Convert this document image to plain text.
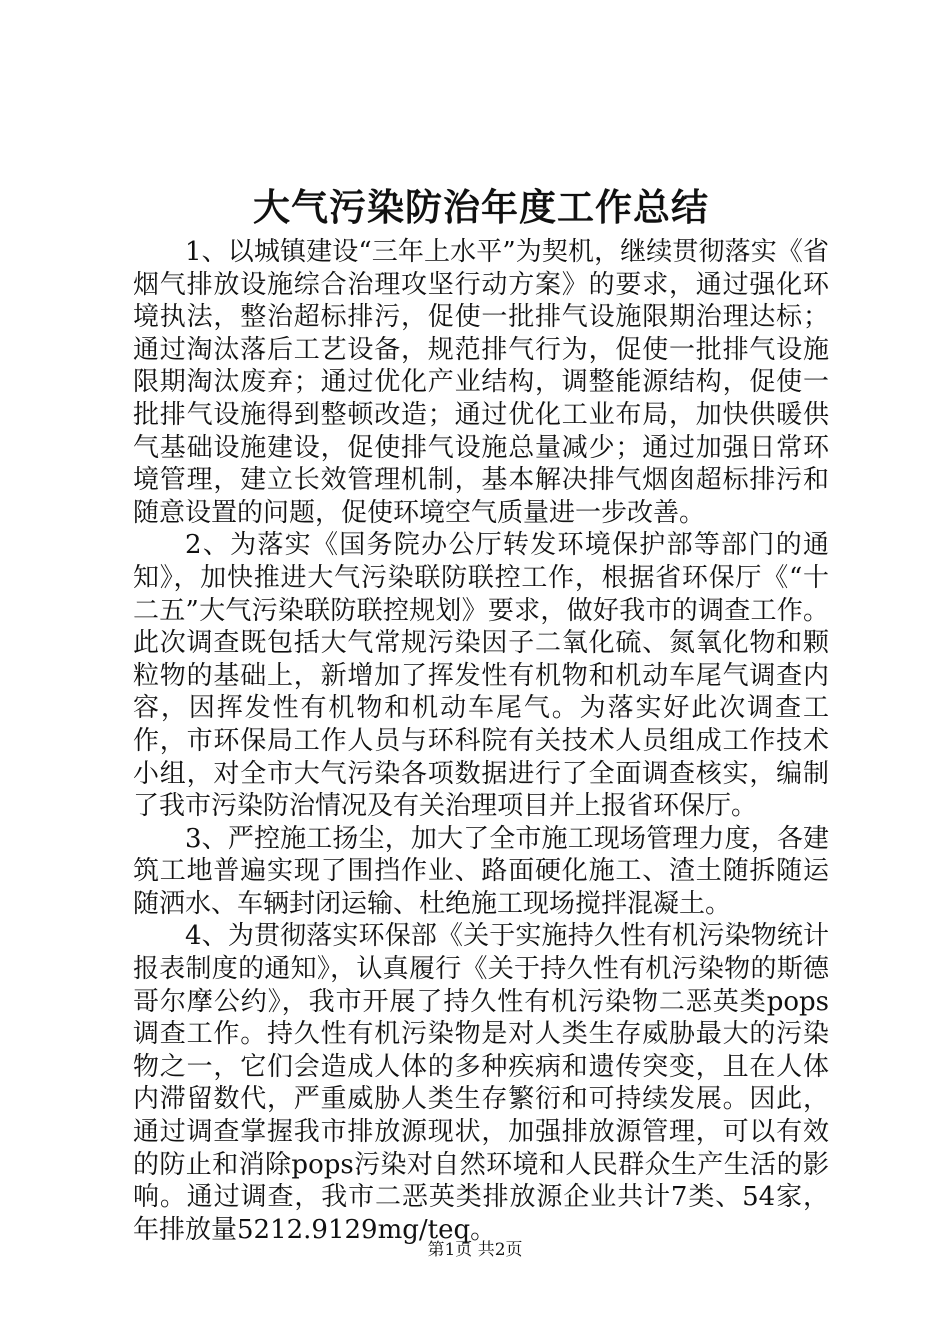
大气污染防治年度工作总结

1、以城镇建设“三年上水平”为契机，继续贯彻落实《省烟气排放设施综合治理攻坚行动方案》的要求，通过强化环境执法，整治超标排污，促使一批排气设施限期治理达标；通过淘汰落后工艺设备，规范排气行为，促使一批排气设施限期淘汰废弃；通过优化产业结构，调整能源结构，促使一批排气设施得到整顿改造；通过优化工业布局，加快供暖供气基础设施建设，促使排气设施总量减少；通过加强日常环境管理，建立长效管理机制，基本解决排气烟囱超标排污和随意设置的问题，促使环境空气质量进一步改善。

2、为落实《国务院办公厅转发环境保护部等部门的通知》，加快推进大气污染联防联控工作，根据省环保厅《“十二五”大气污染联防联控规划》要求，做好我市的调查工作。此次调查既包括大气常规污染因子二氧化硫、氮氧化物和颗粒物的基础上，新增加了挥发性有机物和机动车尾气调查内容，因挥发性有机物和机动车尾气。为落实好此次调查工作，市环保局工作人员与环科院有关技术人员组成工作技术小组，对全市大气污染各项数据进行了全面调查核实，编制了我市污染防治情况及有关治理项目并上报省环保厅。

3、严控施工扬尘，加大了全市施工现场管理力度，各建筑工地普遍实现了围挡作业、路面硬化施工、渣土随拆随运随洒水、车辆封闭运输、杜绝施工现场搅拌混凝土。

4、为贯彻落实环保部《关于实施持久性有机污染物统计报表制度的通知》，认真履行《关于持久性有机污染物的斯德哥尔摩公约》，我市开展了持久性有机污染物二恶英类pops调查工作。持久性有机污染物是对人类生存威胁最大的污染物之一，它们会造成人体的多种疾病和遗传突变，且在人体内滞留数代，严重威胁人类生存繁衍和可持续发展。因此，通过调查掌握我市排放源现状，加强排放源管理，可以有效的防止和消除pops污染对自然环境和人民群众生产生活的影响。通过调查，我市二恶英类排放源企业共计7类、54家，年排放量5212.9129mg/teq。

第1页 共2页
